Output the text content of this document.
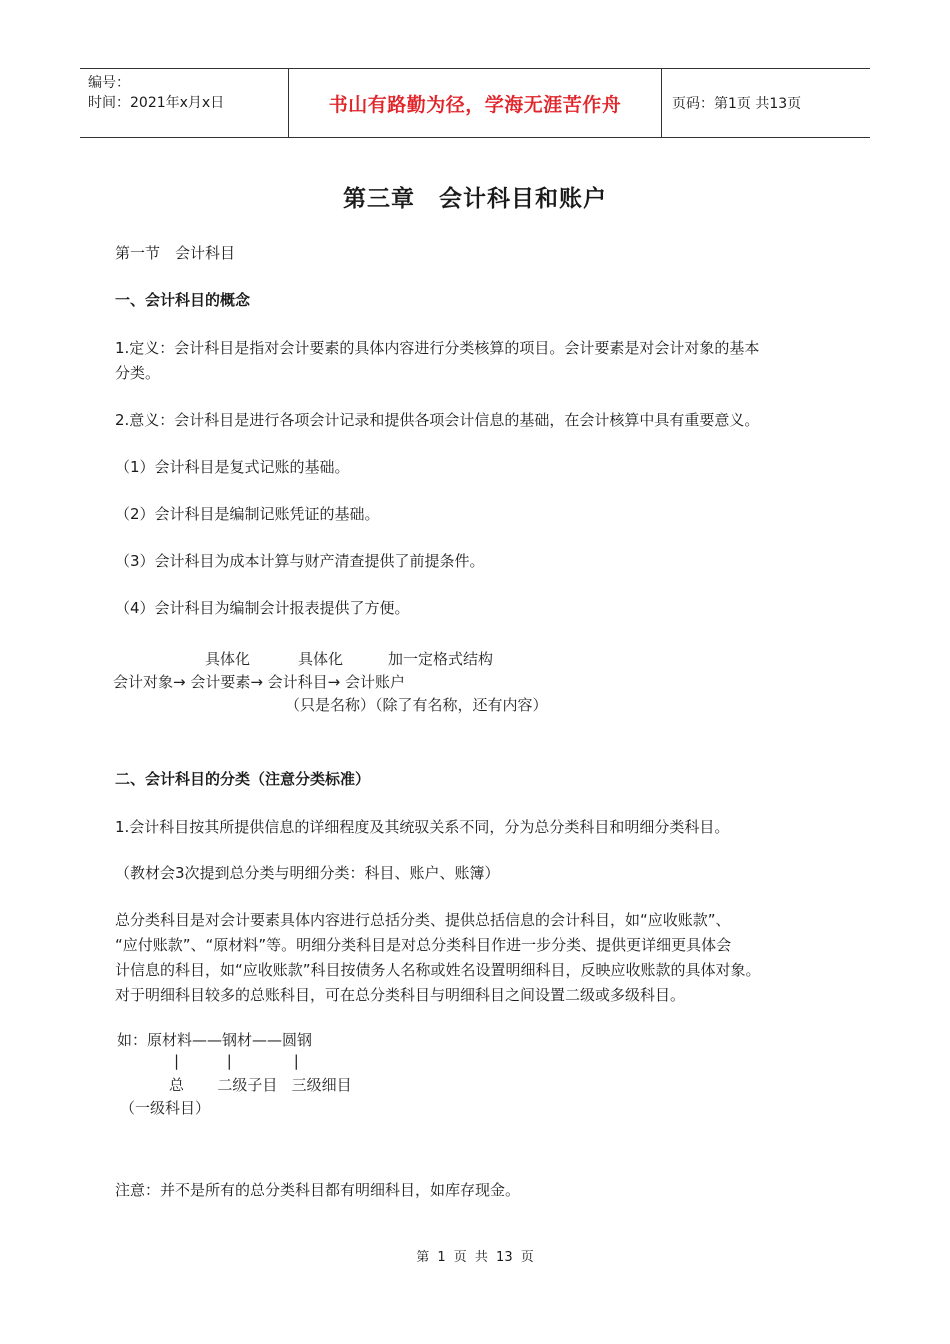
编号：
时间：2021年x月x日	书山有路勤为径，学海无涯苦作舟	页码：第1页 共13页
第三章　会计科目和账户
第一节　会计科目
一、会计科目的概念
1.定义：会计科目是指对会计要素的具体内容进行分类核算的项目。会计要素是对会计对象的基本
分类。
2.意义：会计科目是进行各项会计记录和提供各项会计信息的基础，在会计核算中具有重要意义。
（1）会计科目是复式记账的基础。
（2）会计科目是编制记账凭证的基础。
（3）会计科目为成本计算与财产清查提供了前提条件。
（4）会计科目为编制会计报表提供了方便。
具体化	具体化	加一定格式结构
会计对象→ 会计要素→ 会计科目→ 会计账户
（只是名称）（除了有名称，还有内容）
二、会计科目的分类（注意分类标准）
1.会计科目按其所提供信息的详细程度及其统驭关系不同，分为总分类科目和明细分类科目。
（教材会3次提到总分类与明细分类：科目、账户、账簿）
总分类科目是对会计要素具体内容进行总括分类、提供总括信息的会计科目，如“应收账款”、
“应付账款”、“原材料”等。明细分类科目是对总分类科目作进一步分类、提供更详细更具体会
计信息的科目，如“应收账款”科目按债务人名称或姓名设置明细科目，反映应收账款的具体对象。
对于明细科目较多的总账科目，可在总分类科目与明细科目之间设置二级或多级科目。
如：原材料——钢材——圆钢
|          |             |
总       二级子目   三级细目
（一级科目）
注意：并不是所有的总分类科目都有明细科目，如库存现金。
第 1 页 共 13 页
